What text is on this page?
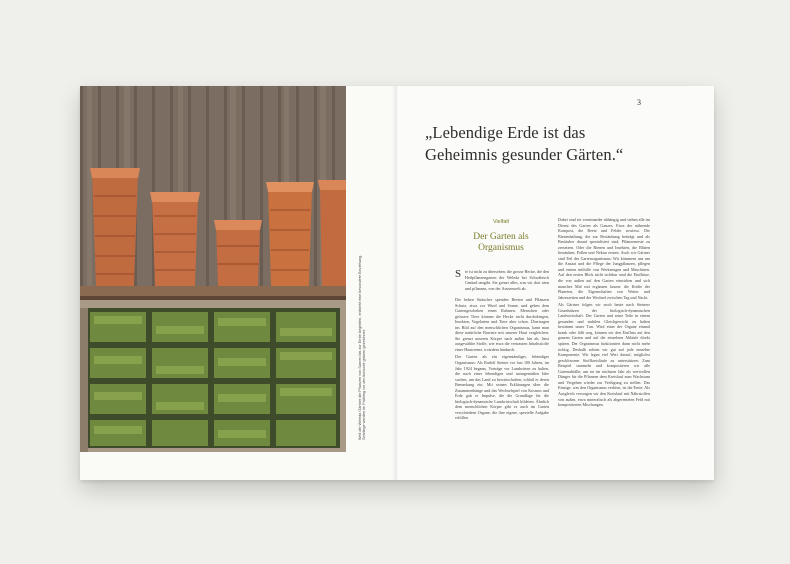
Weil die Weleda Gärtner die Pflanzen von Samen bis zur Ernte begleiten, entsteht eine besondere Beziehung. Setzlinge werden im Frühling vor der Aufzucht grünen gezeichnet.
3
„Lebendige Erde ist das
Geheimnis gesunder Gärten.“
Vielfalt
Der Garten als
Organismus
S ie ist nicht zu übersehen: die grosse Hecke, die den Heilpflanzengarten der Weleda bei Schwäbisch Gmünd umgibt. Sie grenzt alles, was wir dort säen und pflanzen, von der Aussenwelt ab.

Die hohen Sträucher spenden Beeten und Pflanzen Schutz, etwa vor Wind und Sonne, und geben dem Gartengeschehen einen Rahmen. Menschen oder grössere Tiere können die Hecke nicht durchdringen, Insekten, Vogelarten und Tiere aber schon. Übertragen ins Bild auf den menschlichen Organismus, kann man diese natürliche Barriere mit unserer Haut vergleichen: Sie grenzt unseren Körper nach außen hin ab, lässt ausgewählte Stoffe, wie etwa die vertrauten Inhaltsstoffe einer Hautcreme, trotzdem hindurch.

Der Garten als ein eigenständiger, lebendiger Organismus: Als Rudolf Steiner vor fast 100 Jahren, im Jahr 1924 begann, Vorträge vor Landwirten zu halten, die nach einer lebendigen und naturgemäßen Idee suchen, um das Land zu bewirtschaften, schloß er deren Bemerkung ein. Mit seinen Erklärungen über die Zusammenhänge und das Wechselspiel von Kosmos und Erde gab er Impulse, die die Grundlage für die biologisch-dynamische Landwirtschaft bildeten. Ähnlich dem menschlichen Körper gibt es auch im Garten verschiedene Organe, die ihre eigene, spezielle Aufgabe erfüllen.

Dabei sind sie voneinander abhängig und stehen alle im Dienst des Garten als Ganzes. Etwa der nährende Kompost, die Beete und Felder sowieso. Die Bienenhaltung, die zur Bestäubung beiträgt und als Bestäuber darauf spezialisiert sind, Pflanzenreste zu zersetzen. Oder die Bienen und Insekten, die Blüten bestäuben, Pollen und Nektar ernten. Auch wir Gärtner sind Teil des Gartenorganismus: Wir kümmern uns um die Ansaat und die Pflege der Jungpflanzen, pflegen und ernten mithilfe von Werkzeugen und Maschinen. Auf den ersten Blick nicht sichtbar sind die Einflüsse, die von außen auf den Garten einwirken und sich manches Mal mit ergänzen lassen: die Kräfte der Planeten, die Eigenschaften von Wetter und Jahreszeiten und der Wechsel zwischen Tag und Nacht.

Als Gärtner folgen wir noch heute nach Steiners Grundsätzen der biologisch-dynamischen Landwirtschaft. Der Garten und seine Teile in einem gesunden und stabilen Gleichgewicht zu halten bestimmt unser Tun. Wird einer der Organe einmal krank oder fällt weg, können wir den Einfluss auf den ganzen Garten und auf die einzelnen Abläufe direkt spüren. Der Organismus funktioniert dann nicht mehr richtig. Deshalb achten wir gut auf jede einzelne Komponente. Wir legen viel Wert darauf, möglichst geschlossene Stoffkreisläufe zu unterstützen: Zum Beispiel sammeln und kompostieren wir alle Gartenabfälle, um sie im nächsten Jahr als wertvollen Dünger für die Pflanzen dem Kreislauf zum Wachstum und Vergehen wieder zur Verfügung zu stellen. Das Einzige, was den Organismus verlässt, ist die Ernte. Als Ausgleich versorgen wir den Kreislauf mit Nährstoffen von außen, etwa mineralisch als abgerenteten Feld mit kompostierten Mischungen.
